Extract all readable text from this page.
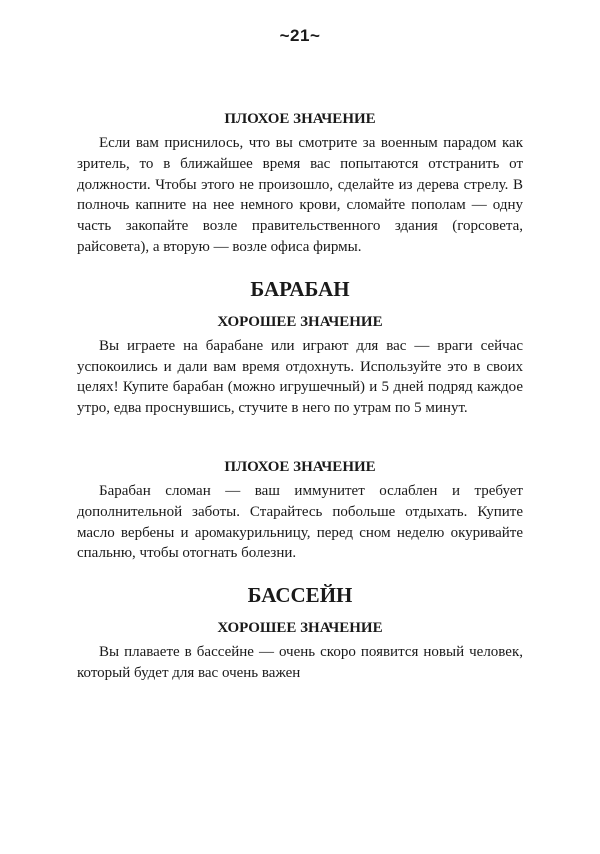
~21~
ПЛОХОЕ ЗНАЧЕНИЕ

Если вам приснилось, что вы смотрите за военным парадом как зритель, то в ближайшее время вас попытаются отстранить от должности. Чтобы этого не произошло, сделайте из дерева стрелу. В полночь капните на нее немного крови, сломайте пополам — одну часть закопайте возле правительственного здания (горсовета, райсовета), а вторую — возле офиса фирмы.

БАРАБАН
ХОРОШЕЕ ЗНАЧЕНИЕ

Вы играете на барабане или играют для вас — враги сейчас успокоились и дали вам время отдохнуть. Используйте это в своих целях! Купите барабан (можно игрушечный) и 5 дней подряд каждое утро, едва проснувшись, стучите в него по утрам по 5 минут.

ПЛОХОЕ ЗНАЧЕНИЕ

Барабан сломан — ваш иммунитет ослаблен и требует дополнительной заботы. Старайтесь побольше отдыхать. Купите масло вербены и аромакурильницу, перед сном неделю окуривайте спальню, чтобы отогнать болезни.

БАССЕЙН
ХОРОШЕЕ ЗНАЧЕНИЕ

Вы плаваете в бассейне — очень скоро появится новый человек, который будет для вас очень важен
